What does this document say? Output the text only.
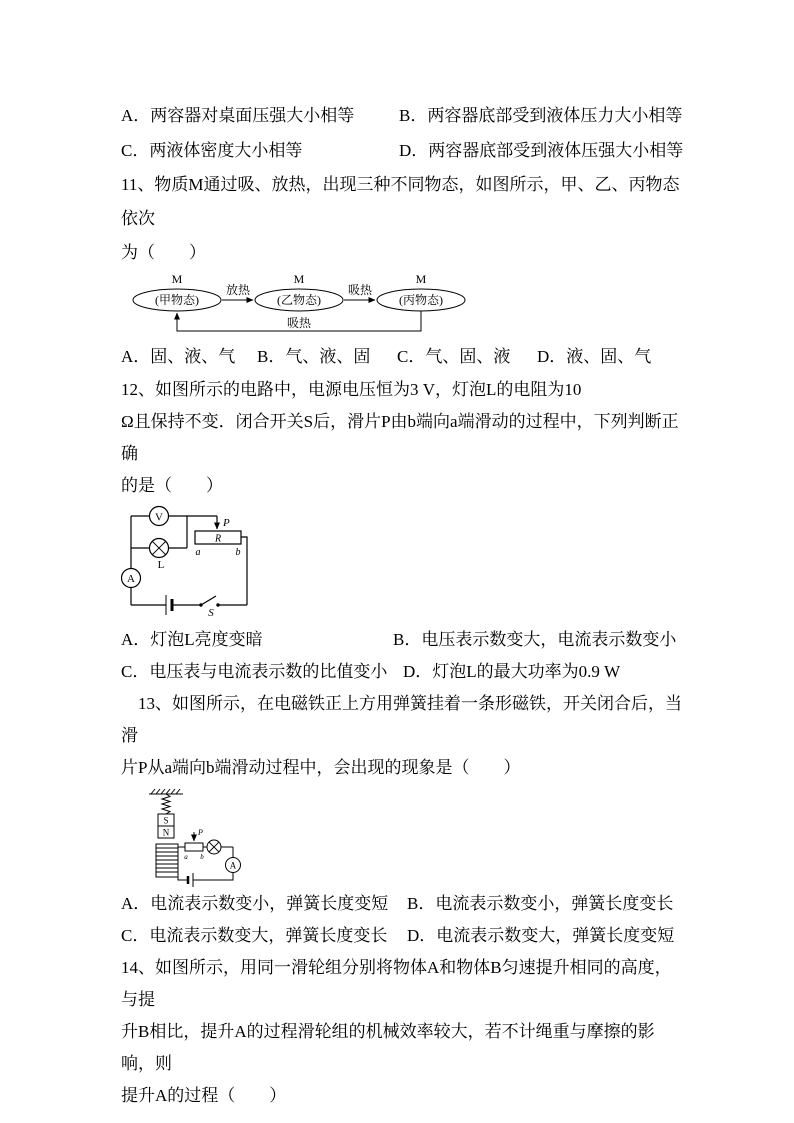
A．两容器对桌面压强大小相等	B．两容器底部受到液体压力大小相等
C．两液体密度大小相等	D．两容器底部受到液体压强大小相等
11、物质M通过吸、放热，出现三种不同物态，如图所示，甲、乙、丙物态依次
为（　　）
M	M	M
(甲物态)	(乙物态)	(丙物态)
放热	吸热
吸热
A．固、液、气	B．气、液、固	C．气、固、液	D．液、固、气
12、如图所示的电路中，电源电压恒为3 V，灯泡L的电阻为10
Ω且保持不变．闭合开关S后，滑片P由b端向a端滑动的过程中，下列判断正确
的是（　　）
V
L
A
R
P
a	b
S
A．灯泡L亮度变暗	B．电压表示数变大，电流表示数变小
C．电压表与电流表示数的比值变小 D．灯泡L的最大功率为0.9 W
　13、如图所示，在电磁铁正上方用弹簧挂着一条形磁铁，开关闭合后，当滑
片P从a端向b端滑动过程中，会出现的现象是（　　）
S
N	P
a b
A
A．电流表示数变小，弹簧长度变短	B．电流表示数变小，弹簧长度变长
C．电流表示数变大，弹簧长度变长	D．电流表示数变大，弹簧长度变短
14、如图所示，用同一滑轮组分别将物体A和物体B匀速提升相同的高度，与提
升B相比，提升A的过程滑轮组的机械效率较大，若不计绳重与摩擦的影响，则
提升A的过程（　　）
